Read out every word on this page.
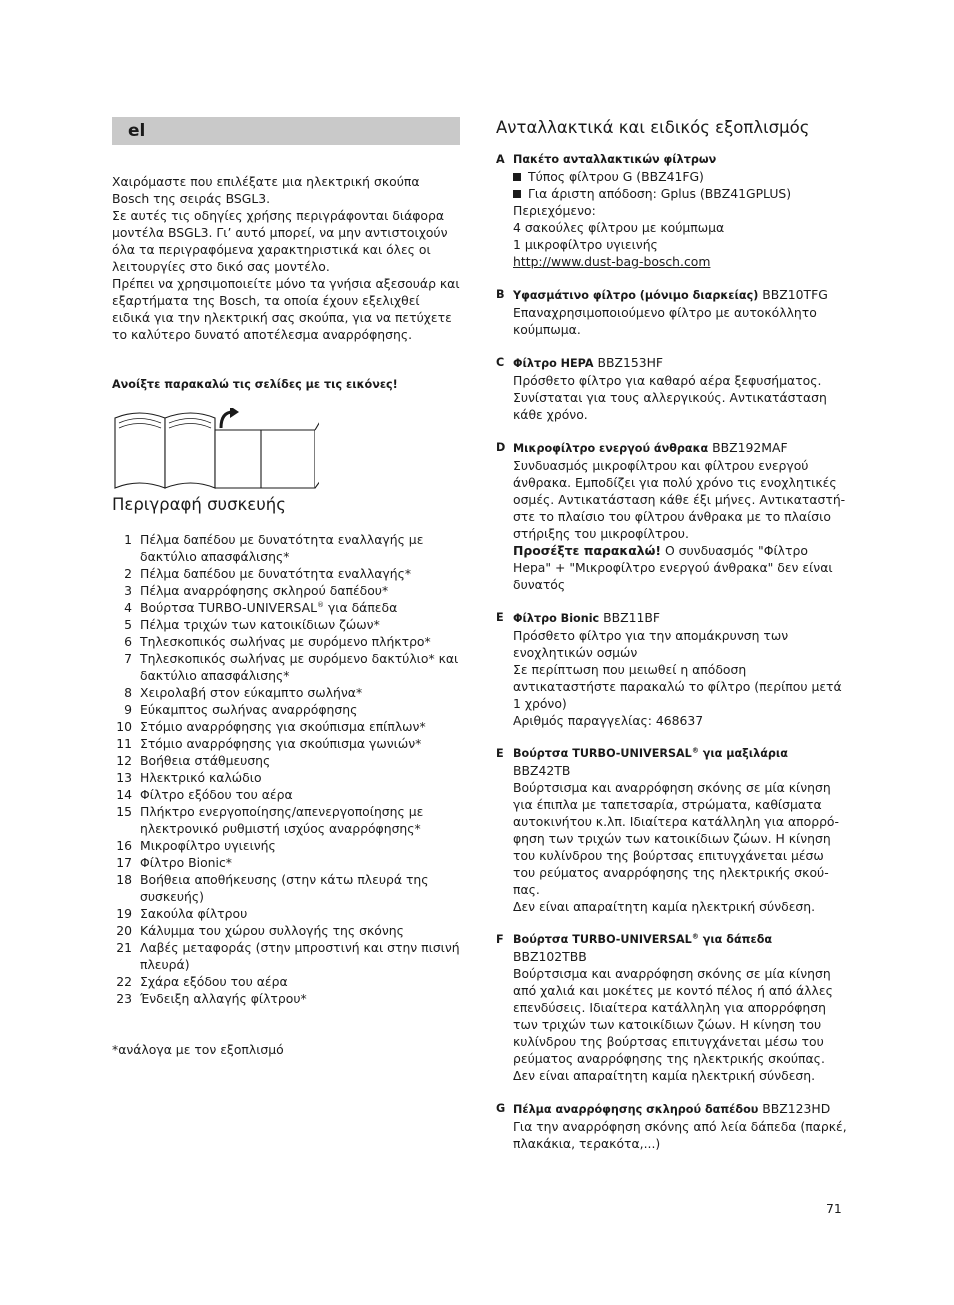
el

Χαιρόμαστε που επιλέξατε μια ηλεκτρική σκούπα Bosch της σειράς BSGL3.

Σε αυτές τις οδηγίες χρήσης περιγράφονται διάφορα μοντέλα BSGL3. Γι’ αυτό μπορεί, να μην αντιστοιχούν όλα τα περιγραφόμενα χαρακτηριστικά και όλες οι λειτουργίες στο δικό σας μοντέλο.

Πρέπει να χρησιμοποιείτε μόνο τα γνήσια αξεσουάρ και εξαρτήματα της Bosch, τα οποία έχουν εξελιχθεί ειδικά για την ηλεκτρική σας σκούπα, για να πετύχετε το καλύτερο δυνατό αποτέλεσμα αναρρόφησης.

Ανοίξτε παρακαλώ τις σελίδες με τις εικόνες!
Περιγραφή συσκευής
1 Πέλμα δαπέδου με δυνατότητα εναλλαγής με δακτύλιο απασφάλισης*
2 Πέλμα δαπέδου με δυνατότητα εναλλαγής*
3 Πέλμα αναρρόφησης σκληρού δαπέδου*
4 Βούρτσα TURBO-UNIVERSAL® για δάπεδα
5 Πέλμα τριχών των κατοικίδιων ζώων*
6 Τηλεσκοπικός σωλήνας με συρόμενο πλήκτρο*
7 Τηλεσκοπικός σωλήνας με συρόμενο δακτύλιο* και δακτύλιο απασφάλισης*
8 Χειρολαβή στον εύκαμπτο σωλήνα*
9 Εύκαμπτος σωλήνας αναρρόφησης
10 Στόμιο αναρρόφησης για σκούπισμα επίπλων*
11 Στόμιο αναρρόφησης για σκούπισμα γωνιών*
12 Βοήθεια στάθμευσης
13 Ηλεκτρικό καλώδιο
14 Φίλτρο εξόδου του αέρα
15 Πλήκτρο ενεργοποίησης/απενεργοποίησης με ηλεκτρονικό ρυθμιστή ισχύος αναρρόφησης*
16 Μικροφίλτρο υγιεινής
17 Φίλτρο Bionic*
18 Βοήθεια αποθήκευσης (στην κάτω πλευρά της συσκευής)
19 Σακούλα φίλτρου
20 Κάλυμμα του χώρου συλλογής της σκόνης
21 Λαβές μεταφοράς (στην μπροστινή και στην πισινή πλευρά)
22 Σχάρα εξόδου του αέρα
23 Ένδειξη αλλαγής φίλτρου*
*ανάλογα με τον εξοπλισμό
Ανταλλακτικά και ειδικός εξοπλισμός
A Πακέτο ανταλλακτικών φίλτρων

Τύπος φίλτρου G (BBZ41FG)

Για άριστη απόδοση: Gplus (BBZ41GPLUS)

Περιεχόμενο:

4 σακούλες φίλτρου με κούμπωμα

1 μικροφίλτρο υγιεινής

http://www.dust-bag-bosch.com

B Υφασμάτινο φίλτρο (μόνιμο διαρκείας) BBZ10TFG

Επαναχρησιμοποιούμενο φίλτρο με αυτοκόλλητο κούμπωμα.

C Φίλτρο HEPA BBZ153HF

Πρόσθετο φίλτρο για καθαρό αέρα ξεφυσήματος. Συνίσταται για τους αλλεργικούς. Αντικατάσταση κάθε χρόνο.

D Μικροφίλτρο ενεργού άνθρακα BBZ192MAF

Συνδυασμός μικροφίλτρου και φίλτρου ενεργού άνθρακα. Εμποδίζει για πολύ χρόνο τις ενοχλητικές οσμές. Αντικατάσταση κάθε έξι μήνες. Αντικαταστή-στε το πλαίσιο του φίλτρου άνθρακα με το πλαίσιο στήριξης του μικροφίλτρου.

Προσέξτε παρακαλώ! Ο συνδυασμός "Φίλτρο Hepa" + "Μικροφίλτρο ενεργού άνθρακα" δεν είναι δυνατός

E Φίλτρο Bionic BBZ11BF

Πρόσθετο φίλτρο για την απομάκρυνση των ενοχλητικών οσμών

Σε περίπτωση που μειωθεί η απόδοση αντικαταστήστε παρακαλώ το φίλτρο (περίπου μετά 1 χρόνο)

Αριθμός παραγγελίας: 468637

E Βούρτσα TURBO-UNIVERSAL® για μαξιλάρια

BBZ42TB

Βούρτσισμα και αναρρόφηση σκόνης σε μία κίνηση για έπιπλα με ταπετσαρία, στρώματα, καθίσματα αυτοκινήτου κ.λπ. Ιδιαίτερα κατάλληλη για απορρό-φηση των τριχών των κατοικίδιων ζώων. Η κίνηση του κυλίνδρου της βούρτσας επιτυγχάνεται μέσω του ρεύματος αναρρόφησης της ηλεκτρικής σκού-πας.

Δεν είναι απαραίτητη καμία ηλεκτρική σύνδεση.

F Βούρτσα TURBO-UNIVERSAL® για δάπεδα

BBZ102TBB

Βούρτσισμα και αναρρόφηση σκόνης σε μία κίνηση από χαλιά και μοκέτες με κοντό πέλος ή από άλλες επενδύσεις. Ιδιαίτερα κατάλληλη για απορρόφηση των τριχών των κατοικίδιων ζώων. Η κίνηση του κυλίνδρου της βούρτσας επιτυγχάνεται μέσω του ρεύματος αναρρόφησης της ηλεκτρικής σκούπας.

Δεν είναι απαραίτητη καμία ηλεκτρική σύνδεση.

G Πέλμα αναρρόφησης σκληρού δαπέδου BBZ123HD

Για την αναρρόφηση σκόνης από λεία δάπεδα (παρκέ, πλακάκια, τερακότα,...)

71
